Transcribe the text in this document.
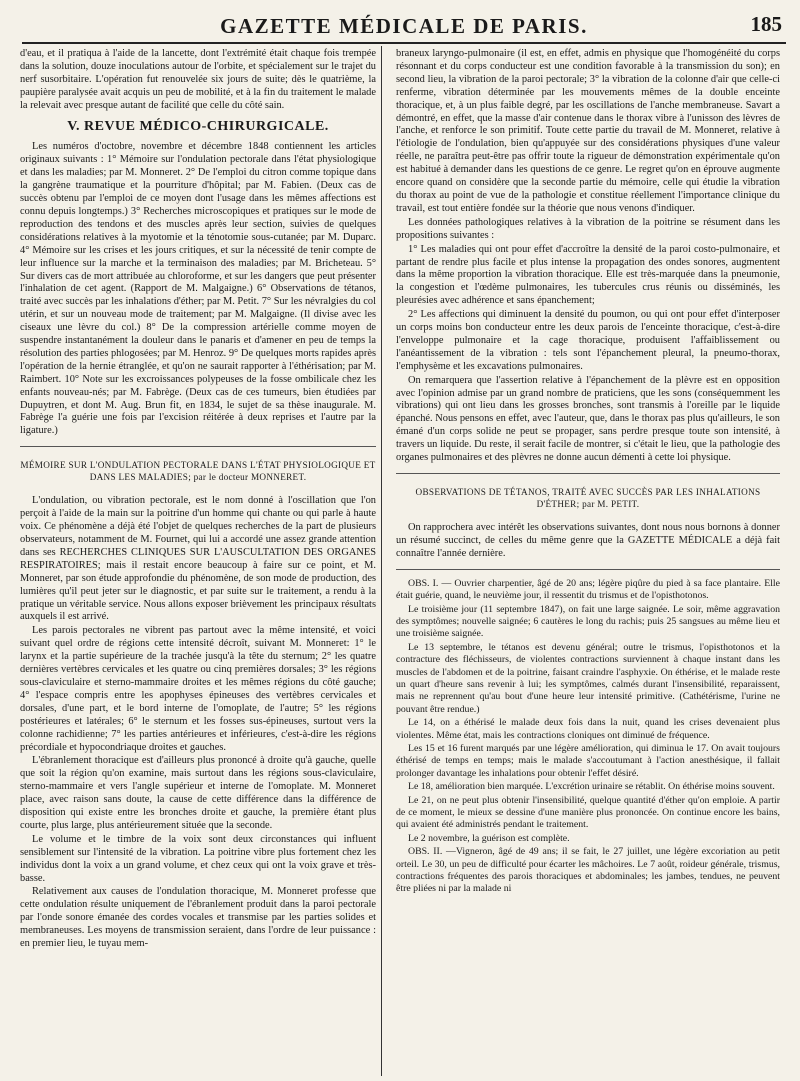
GAZETTE MÉDICALE DE PARIS.	185

d'eau, et il pratiqua à l'aide de la lancette, dont l'extrémité était chaque fois trempée dans la solution, douze inoculations autour de l'orbite, et spécialement sur le trajet du nerf susorbitaire. L'opération fut renouvelée six jours de suite; dès le quatrième, la paupière paralysée avait acquis un peu de mobilité, et à la fin du traitement le malade la relevait avec presque autant de facilité que celle du côté sain.

V. REVUE MÉDICO-CHIRURGICALE.

Les numéros d'octobre, novembre et décembre 1848 contiennent les articles originaux suivants : 1° Mémoire sur l'ondulation pectorale dans l'état physiologique et dans les maladies; par M. Monneret. 2° De l'emploi du citron comme topique dans la gangrène traumatique et la pourriture d'hôpital; par M. Fabien. (Deux cas de succès obtenu par l'emploi de ce moyen dont l'usage dans les mêmes affections est connu depuis longtemps.) 3° Recherches microscopiques et pratiques sur le mode de reproduction des tendons et des muscles après leur section, suivies de quelques considérations relatives à la myotomie et la ténotomie sous-cutanée; par M. Duparc. 4° Mémoire sur les crises et les jours critiques, et sur la nécessité de tenir compte de leur influence sur la marche et la terminaison des maladies; par M. Bricheteau. 5° Sur divers cas de mort attribuée au chloroforme, et sur les dangers que peut présenter l'inhalation de cet agent. (Rapport de M. Malgaigne.) 6° Observations de tétanos, traité avec succès par les inhalations d'éther; par M. Petit. 7° Sur les névralgies du col utérin, et sur un nouveau mode de traitement; par M. Malgaigne. (Il divise avec les ciseaux une lèvre du col.) 8° De la compression artérielle comme moyen de suspendre instantanément la douleur dans le panaris et d'amener en peu de temps la résolution des parties phlogosées; par M. Henroz. 9° De quelques morts rapides après l'opération de la hernie étranglée, et qu'on ne saurait rapporter à l'éthérisation; par M. Raimbert. 10° Note sur les excroissances polypeuses de la fosse ombilicale chez les enfants nouveau-nés; par M. Fabrège. (Deux cas de ces tumeurs, bien étudiées par Dupuytren, et dont M. Aug. Brun fit, en 1834, le sujet de sa thèse inaugurale. M. Fabrège l'a guérie une fois par l'excision réitérée à deux reprises et l'autre par la ligature.)

MÉMOIRE SUR L'ONDULATION PECTORALE DANS L'ÉTAT PHYSIOLOGIQUE ET DANS LES MALADIES; par le docteur MONNERET.

L'ondulation, ou vibration pectorale, est le nom donné à l'oscillation que l'on perçoit à l'aide de la main sur la poitrine d'un homme qui chante ou qui parle à haute voix. Ce phénomène a déjà été l'objet de quelques recherches de la part de plusieurs observateurs, notamment de M. Fournet, qui lui a accordé une assez grande attention dans ses RECHERCHES CLINIQUES SUR L'AUSCULTATION DES ORGANES RESPIRATOIRES; mais il restait encore beaucoup à faire sur ce point, et M. Monneret, par son étude approfondie du phénomène, de son mode de production, des lumières qu'il peut jeter sur le diagnostic, et par suite sur le traitement, a rendu à la pratique un véritable service. Nous allons exposer brièvement les principaux résultats auxquels il est arrivé.

Les parois pectorales ne vibrent pas partout avec la même intensité, et voici suivant quel ordre de régions cette intensité décroît, suivant M. Monneret: 1° le larynx et la partie supérieure de la trachée jusqu'à la tête du sternum; 2° les quatre dernières vertèbres cervicales et les quatre ou cinq premières dorsales; 3° les régions sous-claviculaire et sterno-mammaire droites et les mêmes régions du côté gauche; 4° l'espace compris entre les apophyses épineuses des vertèbres cervicales et dorsales, d'une part, et le bord interne de l'omoplate, de l'autre; 5° les régions postérieures et latérales; 6° le sternum et les fosses sus-épineuses, surtout vers la colonne rachidienne; 7° les parties antérieures et inférieures, c'est-à-dire les régions précordiale et hypocondriaque droites et gauches.

L'ébranlement thoracique est d'ailleurs plus prononcé à droite qu'à gauche, quelle que soit la région qu'on examine, mais surtout dans les régions sous-claviculaire, sterno-mammaire et vers l'angle supérieur et interne de l'omoplate. M. Monneret place, avec raison sans doute, la cause de cette différence dans la différence de disposition qui existe entre les bronches droite et gauche, la première étant plus courte, plus large, plus antérieurement située que la seconde.

Le volume et le timbre de la voix sont deux circonstances qui influent sensiblement sur l'intensité de la vibration. La poitrine vibre plus fortement chez les individus dont la voix a un grand volume, et chez ceux qui ont la voix grave et très-basse.

Relativement aux causes de l'ondulation thoracique, M. Monneret professe que cette ondulation résulte uniquement de l'ébranlement produit dans la paroi pectorale par l'onde sonore émanée des cordes vocales et transmise par les parties solides et membraneuses. Les moyens de transmission seraient, dans l'ordre de leur puissance : en premier lieu, le tuyau mem-

braneux laryngo-pulmonaire (il est, en effet, admis en physique que l'homogénéité du corps résonnant et du corps conducteur est une condition favorable à la transmission du son); en second lieu, la vibration de la paroi pectorale; 3° la vibration de la colonne d'air que celle-ci renferme, vibration déterminée par les mouvements mêmes de la double enceinte thoracique, et, à un plus faible degré, par les oscillations de l'anche membraneuse. Savart a démontré, en effet, que la masse d'air contenue dans le thorax vibre à l'unisson des lèvres de l'anche, et renforce le son primitif. Toute cette partie du travail de M. Monneret, relative à l'étiologie de l'ondulation, bien qu'appuyée sur des considérations physiques d'une valeur réelle, ne paraîtra peut-être pas offrir toute la rigueur de démonstration expérimentale qu'on est habitué à demander dans les questions de ce genre. Le regret qu'on en éprouve augmente encore quand on considère que la seconde partie du mémoire, celle qui étudie la vibration du thorax au point de vue de la pathologie et constitue réellement l'importance clinique du travail, est tout entière fondée sur la théorie que nous venons d'indiquer.

Les données pathologiques relatives à la vibration de la poitrine se résument dans les propositions suivantes :

1° Les maladies qui ont pour effet d'accroître la densité de la paroi costo-pulmonaire, et partant de rendre plus facile et plus intense la propagation des ondes sonores, augmentent dans la même proportion la vibration thoracique. Elle est très-marquée dans la pneumonie, la congestion et l'œdème pulmonaires, les tubercules crus réunis ou disséminés, les pleurésies avec adhérence et sans épanchement;

2° Les affections qui diminuent la densité du poumon, ou qui ont pour effet d'interposer un corps moins bon conducteur entre les deux parois de l'enceinte thoracique, c'est-à-dire l'enveloppe pulmonaire et la cage thoracique, produisent l'affaiblissement ou l'anéantissement de la vibration : tels sont l'épanchement pleural, la pneumo-thorax, l'emphysème et les excavations pulmonaires.

On remarquera que l'assertion relative à l'épanchement de la plèvre est en opposition avec l'opinion admise par un grand nombre de praticiens, que les sons (conséquemment les vibrations) qui ont lieu dans les grosses bronches, sont transmis à l'oreille par le liquide épanché. Nous pensons en effet, avec l'auteur, que, dans le thorax pas plus qu'ailleurs, le son émané d'un corps solide ne peut se propager, sans perdre presque toute son intensité, à travers un liquide. Du reste, il serait facile de montrer, si c'était le lieu, que la pathologie des organes pulmonaires et des plèvres ne donne aucun démenti à cette loi physique.

OBSERVATIONS DE TÉTANOS, TRAITÉ AVEC SUCCÈS PAR LES INHALATIONS D'ÉTHER; par M. PETIT.

On rapprochera avec intérêt les observations suivantes, dont nous nous bornons à donner un résumé succinct, de celles du même genre que la GAZETTE MÉDICALE a déjà fait connaître l'année dernière.

OBS. I. — Ouvrier charpentier, âgé de 20 ans; légère piqûre du pied à sa face plantaire. Elle était guérie, quand, le neuvième jour, il ressentit du trismus et de l'opisthotonos.

Le troisième jour (11 septembre 1847), on fait une large saignée. Le soir, même aggravation des symptômes; nouvelle saignée; 6 cautères le long du rachis; puis 25 sangsues au même lieu et une troisième saignée.

Le 13 septembre, le tétanos est devenu général; outre le trismus, l'opisthotonos et la contracture des fléchisseurs, de violentes contractions surviennent à chaque instant dans les muscles de l'abdomen et de la poitrine, faisant craindre l'asphyxie. On éthérise, et le malade reste un quart d'heure sans revenir à lui; les symptômes, calmés durant l'insensibilité, reparaissent, mais ne reprennent qu'au bout d'une heure leur intensité primitive. (Cathétérisme, l'urine ne pouvant être rendue.)

Le 14, on a éthérisé le malade deux fois dans la nuit, quand les crises devenaient plus violentes. Même état, mais les contractions cloniques ont diminué de fréquence.

Les 15 et 16 furent marqués par une légère amélioration, qui diminua le 17. On avait toujours éthérisé de temps en temps; mais le malade s'accoutumant à l'action anesthésique, il fallait prolonger davantage les inhalations pour obtenir l'effet désiré.

Le 18, amélioration bien marquée. L'excrétion urinaire se rétablit. On éthérise moins souvent.

Le 21, on ne peut plus obtenir l'insensibilité, quelque quantité d'éther qu'on emploie. A partir de ce moment, le mieux se dessine d'une manière plus prononcée. On continue encore les bains, qui avaient été administrés pendant le traitement.

Le 2 novembre, la guérison est complète.

OBS. II. —Vigneron, âgé de 49 ans; il se fait, le 27 juillet, une légère excoriation au petit orteil. Le 30, un peu de difficulté pour écarter les mâchoires. Le 7 août, roideur générale, trismus, contractions fréquentes des parois thoraciques et abdominales; les jambes, tendues, ne peuvent être pliées ni par la malade ni
